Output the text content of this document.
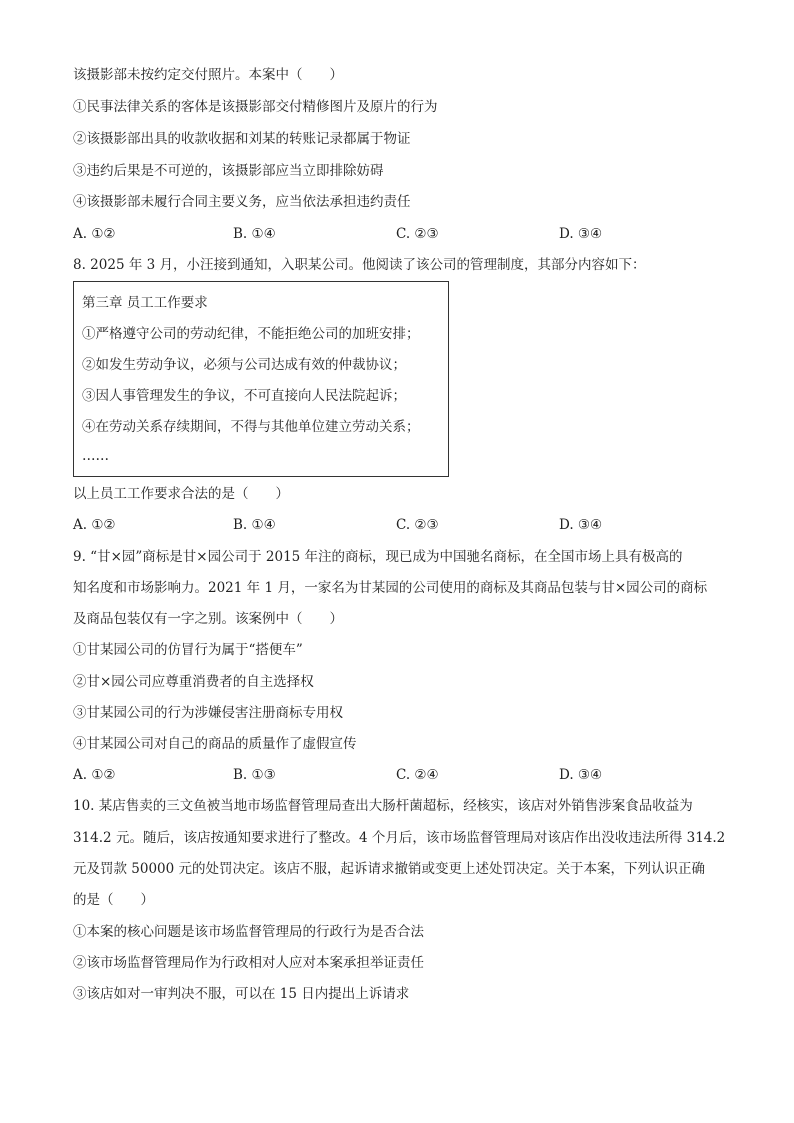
该摄影部未按约定交付照片。本案中（　　）
①民事法律关系的客体是该摄影部交付精修图片及原片的行为
②该摄影部出具的收款收据和刘某的转账记录都属于物证
③违约后果是不可逆的，该摄影部应当立即排除妨碍
④该摄影部未履行合同主要义务，应当依法承担违约责任
A. ①②	B. ①④	C. ②③	D. ③④
8. 2025 年 3 月，小汪接到通知，入职某公司。他阅读了该公司的管理制度，其部分内容如下：
第三章 员工工作要求
①严格遵守公司的劳动纪律，不能拒绝公司的加班安排；
②如发生劳动争议，必须与公司达成有效的仲裁协议；
③因人事管理发生的争议，不可直接向人民法院起诉；
④在劳动关系存续期间，不得与其他单位建立劳动关系；
……
以上员工工作要求合法的是（　　）
A. ①②	B. ①④	C. ②③	D. ③④
9. “甘×园”商标是甘×园公司于 2015 年注的商标，现已成为中国驰名商标，在全国市场上具有极高的
知名度和市场影响力。2021 年 1 月，一家名为甘某园的公司使用的商标及其商品包装与甘×园公司的商标
及商品包装仅有一字之别。该案例中（　　）
①甘某园公司的仿冒行为属于“搭便车”
②甘×园公司应尊重消费者的自主选择权
③甘某园公司的行为涉嫌侵害注册商标专用权
④甘某园公司对自己的商品的质量作了虚假宣传
A. ①②	B. ①③	C. ②④	D. ③④
10. 某店售卖的三文鱼被当地市场监督管理局查出大肠杆菌超标，经核实，该店对外销售涉案食品收益为
314.2 元。随后，该店按通知要求进行了整改。4 个月后，该市场监督管理局对该店作出没收违法所得 314.2
元及罚款 50000 元的处罚决定。该店不服，起诉请求撤销或变更上述处罚决定。关于本案，下列认识正确
的是（　　）
①本案的核心问题是该市场监督管理局的行政行为是否合法
②该市场监督管理局作为行政相对人应对本案承担举证责任
③该店如对一审判决不服，可以在 15 日内提出上诉请求
